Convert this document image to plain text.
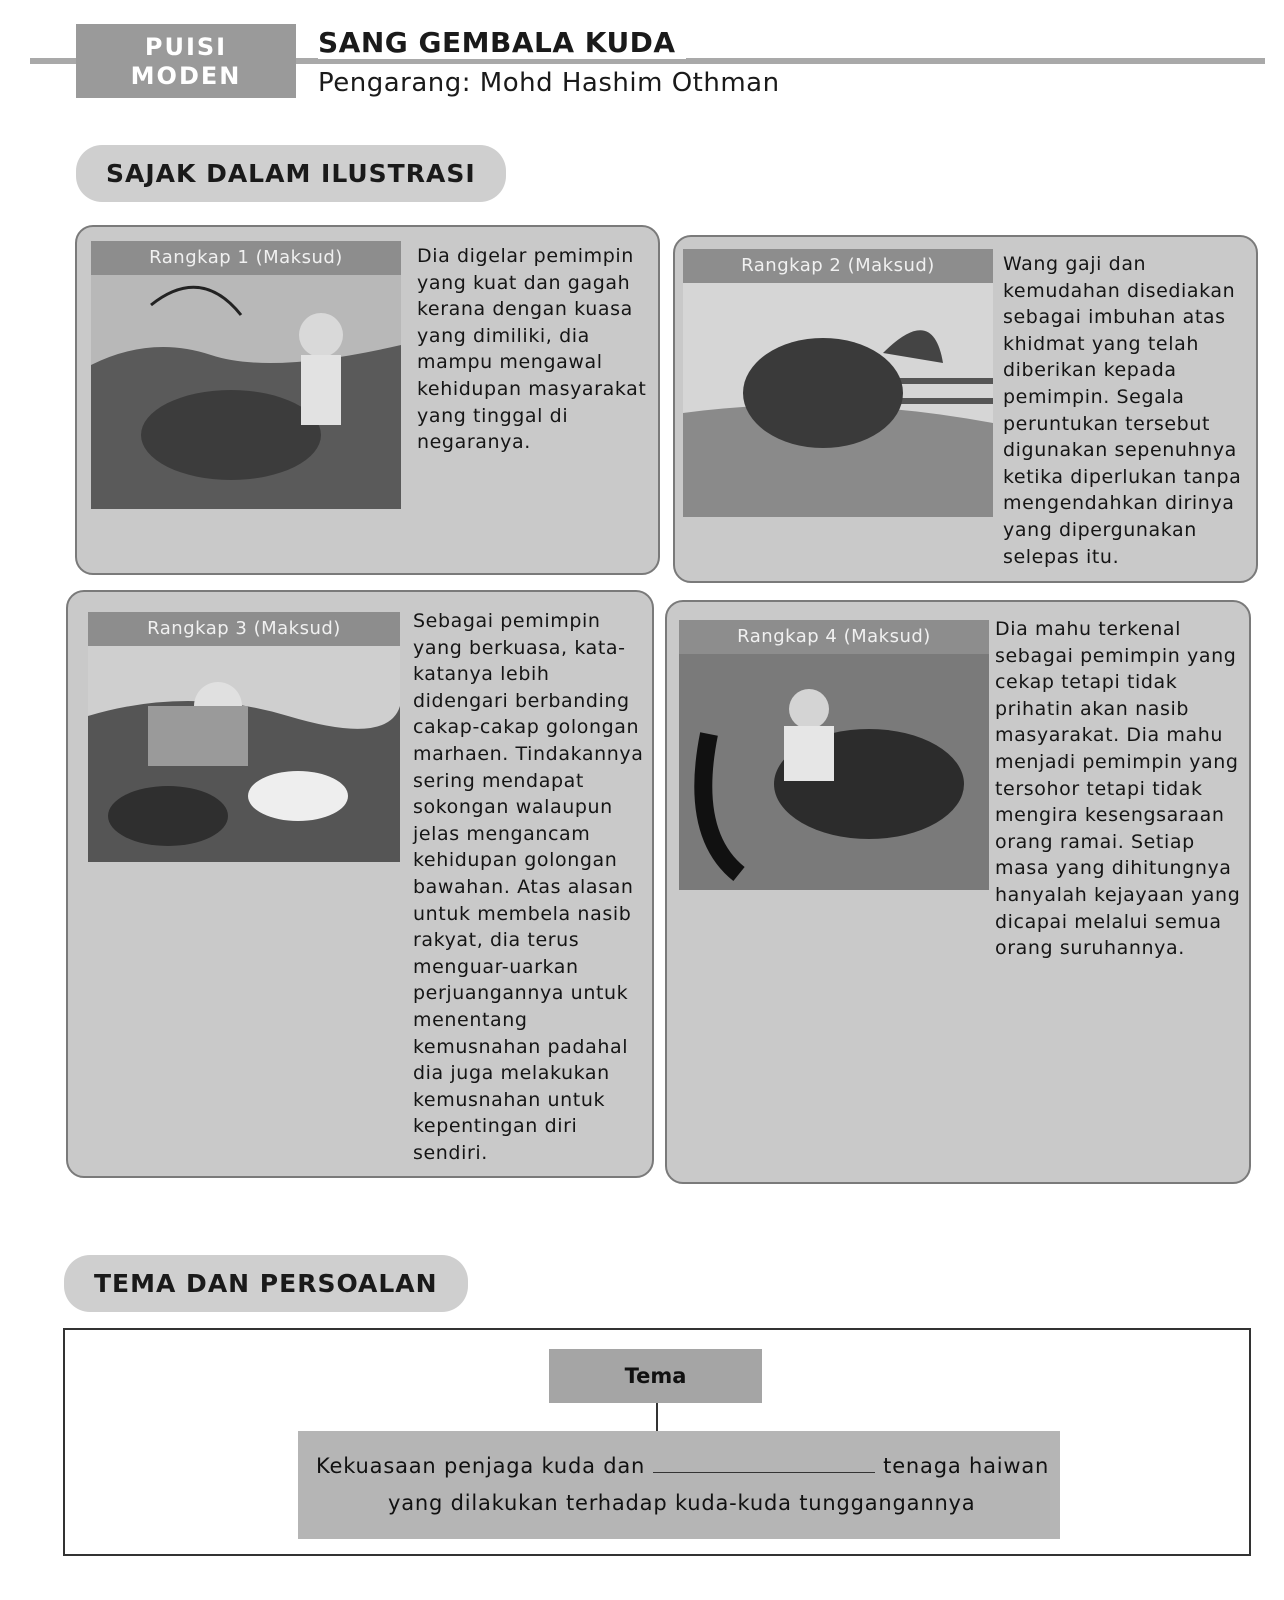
PUISI
MODEN
SANG GEMBALA KUDA
Pengarang: Mohd Hashim Othman
SAJAK DALAM ILUSTRASI
Rangkap 1 (Maksud)	Dia digelar pemimpin yang kuat dan gagah kerana dengan kuasa yang dimiliki, dia mampu mengawal kehidupan masyarakat yang tinggal di negaranya.
Rangkap 2 (Maksud)	Wang gaji dan kemudahan disediakan sebagai imbuhan atas khidmat yang telah diberikan kepada pemimpin. Segala peruntukan tersebut digunakan sepenuhnya ketika diperlukan tanpa mengendahkan dirinya yang dipergunakan selepas itu.
Rangkap 3 (Maksud)	Sebagai pemimpin yang berkuasa, kata-katanya lebih didengari berbanding cakap-cakap golongan marhaen. Tindakannya sering mendapat sokongan walaupun jelas mengancam kehidupan golongan bawahan. Atas alasan untuk membela nasib rakyat, dia terus menguar-uarkan perjuangannya untuk menentang kemusnahan padahal dia juga melakukan kemusnahan untuk kepentingan diri sendiri.
Rangkap 4 (Maksud)	Dia mahu terkenal sebagai pemimpin yang cekap tetapi tidak prihatin akan nasib masyarakat. Dia mahu menjadi pemimpin yang tersohor tetapi tidak mengira kesengsaraan orang ramai. Setiap masa yang dihitungnya hanyalah kejayaan yang dicapai melalui semua orang suruhannya.
TEMA DAN PERSOALAN
Tema
Kekuasaan penjaga kuda dan	tenaga haiwan
yang dilakukan terhadap kuda-kuda tunggangannya
